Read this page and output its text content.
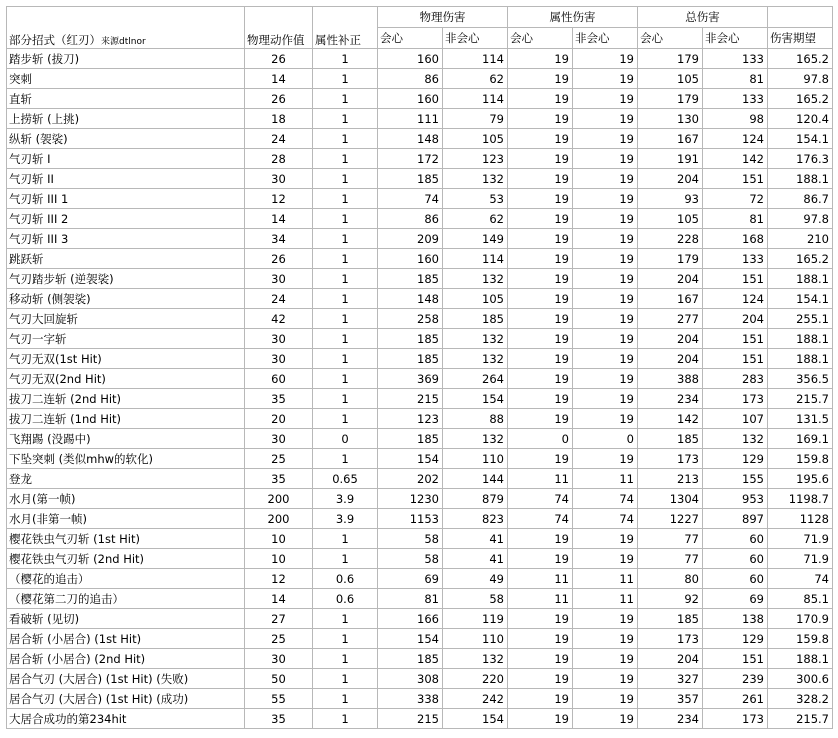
部分招式（红刃）来源dtlnor	物理动作值	属性补正	物理伤害		属性伤害		总伤害		
			会心	非会心	会心	非会心	会心	非会心	伤害期望
踏步斩 (拔刀)	26	1	160	114	19	19	179	133	165.2
突刺	14	1	86	62	19	19	105	81	97.8
直斩	26	1	160	114	19	19	179	133	165.2
上捞斩 (上挑)	18	1	111	79	19	19	130	98	120.4
纵斩 (袈裟)	24	1	148	105	19	19	167	124	154.1
气刃斩 I	28	1	172	123	19	19	191	142	176.3
气刃斩 II	30	1	185	132	19	19	204	151	188.1
气刃斩 III 1	12	1	74	53	19	19	93	72	86.7
气刃斩 III 2	14	1	86	62	19	19	105	81	97.8
气刃斩 III 3	34	1	209	149	19	19	228	168	210
跳跃斩	26	1	160	114	19	19	179	133	165.2
气刃踏步斩 (逆袈裟)	30	1	185	132	19	19	204	151	188.1
移动斩 (侧袈裟)	24	1	148	105	19	19	167	124	154.1
气刃大回旋斩	42	1	258	185	19	19	277	204	255.1
气刃一字斩	30	1	185	132	19	19	204	151	188.1
气刃无双(1st Hit)	30	1	185	132	19	19	204	151	188.1
气刃无双(2nd Hit)	60	1	369	264	19	19	388	283	356.5
拔刀二连斩 (2nd Hit)	35	1	215	154	19	19	234	173	215.7
拔刀二连斩 (1nd Hit)	20	1	123	88	19	19	142	107	131.5
飞翔踢 (没踢中)	30	0	185	132	0	0	185	132	169.1
下坠突刺 (类似mhw的软化)	25	1	154	110	19	19	173	129	159.8
登龙	35	0.65	202	144	11	11	213	155	195.6
水月(第一帧)	200	3.9	1230	879	74	74	1304	953	1198.7
水月(非第一帧)	200	3.9	1153	823	74	74	1227	897	1128
樱花铁虫气刃斩 (1st Hit)	10	1	58	41	19	19	77	60	71.9
樱花铁虫气刃斩 (2nd Hit)	10	1	58	41	19	19	77	60	71.9
（樱花的追击）	12	0.6	69	49	11	11	80	60	74
（樱花第二刀的追击）	14	0.6	81	58	11	11	92	69	85.1
看破斩 (见切)	27	1	166	119	19	19	185	138	170.9
居合斩 (小居合) (1st Hit)	25	1	154	110	19	19	173	129	159.8
居合斩 (小居合) (2nd Hit)	30	1	185	132	19	19	204	151	188.1
居合气刃 (大居合) (1st Hit) (失败)	50	1	308	220	19	19	327	239	300.6
居合气刃 (大居合) (1st Hit) (成功)	55	1	338	242	19	19	357	261	328.2
大居合成功的第234hit	35	1	215	154	19	19	234	173	215.7
